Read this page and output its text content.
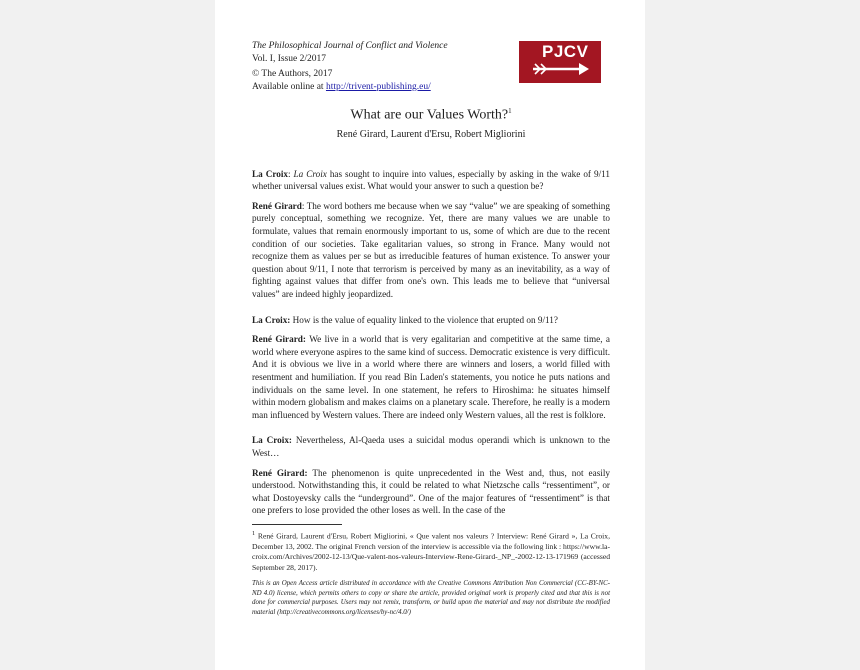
PJCV
The Philosophical Journal of Conflict and Violence
Vol. I, Issue 2/2017
© The Authors, 2017
Available online at http://trivent-publishing.eu/
What are our Values Worth?$^1$
René Girard, Laurent d'Ersu, Robert Migliorini

La Croix: La Croix has sought to inquire into values, especially by asking in the wake of 9/11 whether universal values exist. What would your answer to such a question be?

René Girard: The word bothers me because when we say “value” we are speaking of something purely conceptual, something we recognize. Yet, there are many values we are unable to formulate, values that remain enormously important to us, some of which are due to the recent condition of our societies. Take egalitarian values, so strong in France. Many would not recognize them as values per se but as irreducible features of human existence. To answer your question about 9/11, I note that terrorism is perceived by many as an inevitability, as a way of fighting against values that differ from one's own. This leads me to believe that “universal values” are indeed highly jeopardized.

La Croix: How is the value of equality linked to the violence that erupted on 9/11?

René Girard: We live in a world that is very egalitarian and competitive at the same time, a world where everyone aspires to the same kind of success. Democratic existence is very difficult. And it is obvious we live in a world where there are winners and losers, a world filled with resentment and humiliation. If you read Bin Laden's statements, you notice he puts nations and individuals on the same level. In one statement, he refers to Hiroshima: he situates himself within modern globalism and makes claims on a planetary scale. Therefore, he really is a modern man influenced by Western values. There are indeed only Western values, all the rest is folklore.

La Croix: Nevertheless, Al-Qaeda uses a suicidal modus operandi which is unknown to the West…

René Girard: The phenomenon is quite unprecedented in the West and, thus, not easily understood. Notwithstanding this, it could be related to what Nietzsche calls “ressentiment”, or what Dostoyevsky calls the “underground”. One of the major features of “ressentiment” is that one prefers to lose provided the other loses as well. In the case of the

$^1$ René Girard, Laurent d'Ersu, Robert Migliorini, « Que valent nos valeurs ? Interview: René Girard », La Croix, December 13, 2002. The original French version of the interview is accessible via the following link : https://www.la-croix.com/Archives/2002-12-13/Que-valent-nos-valeurs-Interview-Rene-Girard-_NP_-2002-12-13-171969 (accessed September 28, 2017).
This is an Open Access article distributed in accordance with the Creative Commons Attribution Non Commercial (CC-BY-NC-ND 4.0) license, which permits others to copy or share the article, provided original work is properly cited and that this is not done for commercial purposes. Users may not remix, transform, or build upon the material and may not distribute the modified material (http://creativecommons.org/licenses/by-nc/4.0/)
